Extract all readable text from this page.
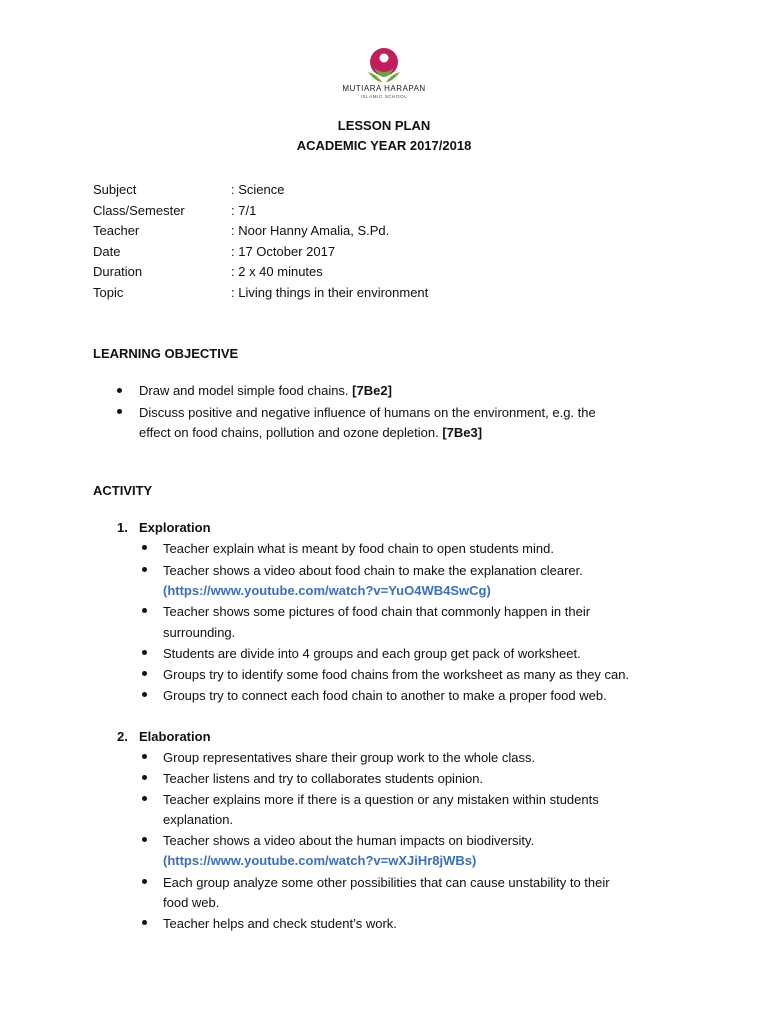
MUTIARA HARAPAN
ISLAMIC SCHOOL
LESSON PLAN
ACADEMIC YEAR 2017/2018
Subject	: Science
Class/Semester	: 7/1
Teacher	: Noor Hanny Amalia, S.Pd.
Date	: 17 October 2017
Duration	: 2 x 40 minutes
Topic	: Living things in their environment
LEARNING OBJECTIVE
Draw and model simple food chains. [7Be2]
Discuss positive and negative influence of humans on the environment, e.g. the
effect on food chains, pollution and ozone depletion. [7Be3]
ACTIVITY
1. Exploration
Teacher explain what is meant by food chain to open students mind.
Teacher shows a video about food chain to make the explanation clearer.
(https://www.youtube.com/watch?v=YuO4WB4SwCg)
Teacher shows some pictures of food chain that commonly happen in their
surrounding.
Students are divide into 4 groups and each group get pack of worksheet.
Groups try to identify some food chains from the worksheet as many as they can.
Groups try to connect each food chain to another to make a proper food web.
2. Elaboration
Group representatives share their group work to the whole class.
Teacher listens and try to collaborates students opinion.
Teacher explains more if there is a question or any mistaken within students
explanation.
Teacher shows a video about the human impacts on biodiversity.
(https://www.youtube.com/watch?v=wXJiHr8jWBs)
Each group analyze some other possibilities that can cause unstability to their
food web.
Teacher helps and check student’s work.
